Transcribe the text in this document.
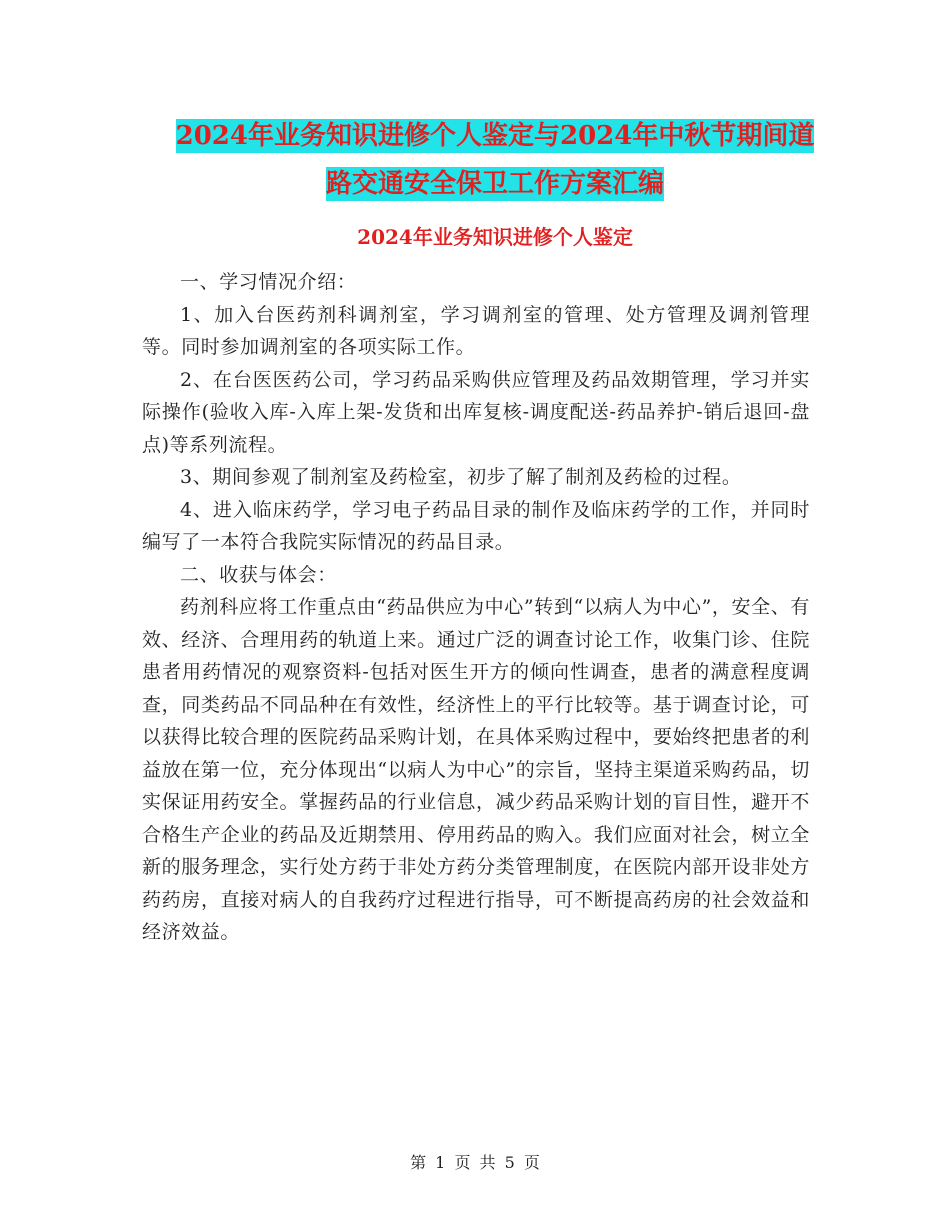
2024年业务知识进修个人鉴定与2024年中秋节期间道
路交通安全保卫工作方案汇编
2024年业务知识进修个人鉴定

一、学习情况介绍：

1、加入台医药剂科调剂室，学习调剂室的管理、处方管理及调剂管理等。同时参加调剂室的各项实际工作。

2、在台医医药公司，学习药品采购供应管理及药品效期管理，学习并实际操作(验收入库-入库上架-发货和出库复核-调度配送-药品养护-销后退回-盘点)等系列流程。

3、期间参观了制剂室及药检室，初步了解了制剂及药检的过程。

4、进入临床药学，学习电子药品目录的制作及临床药学的工作，并同时编写了一本符合我院实际情况的药品目录。

二、收获与体会：

药剂科应将工作重点由“药品供应为中心”转到“以病人为中心”，安全、有效、经济、合理用药的轨道上来。通过广泛的调查讨论工作，收集门诊、住院患者用药情况的观察资料-包括对医生开方的倾向性调查，患者的满意程度调查，同类药品不同品种在有效性，经济性上的平行比较等。基于调查讨论，可以获得比较合理的医院药品采购计划，在具体采购过程中，要始终把患者的利益放在第一位，充分体现出“以病人为中心”的宗旨，坚持主渠道采购药品，切实保证用药安全。掌握药品的行业信息，减少药品采购计划的盲目性，避开不合格生产企业的药品及近期禁用、停用药品的购入。我们应面对社会，树立全新的服务理念，实行处方药于非处方药分类管理制度，在医院内部开设非处方药药房，直接对病人的自我药疗过程进行指导，可不断提高药房的社会效益和经济效益。

第 1 页 共 5 页
